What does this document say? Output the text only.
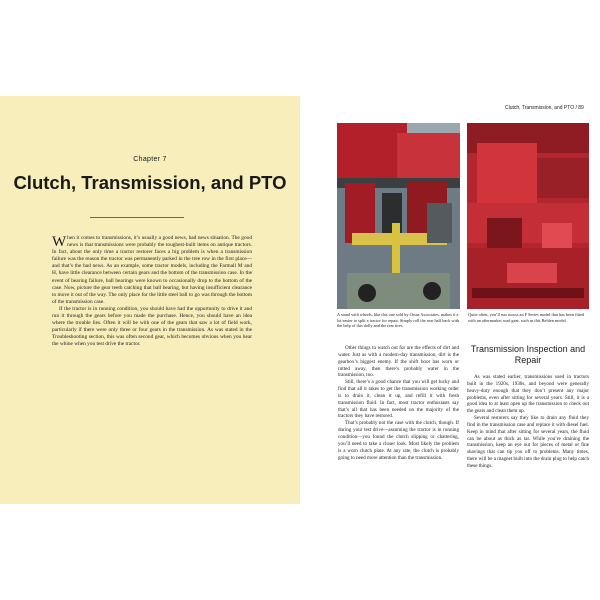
Chapter 7
Clutch, Transmission, and PTO

When it comes to transmissions, it’s usually a good news, bad news situation. The good news is that transmissions were probably the toughest-built items on antique tractors. In fact, about the only time a tractor restorer faces a big problem is when a transmission failure was the reason the tractor was permanently parked in the tree row in the first place—and that’s the bad news. As an example, some tractor models, including the Farmall M and H, have little clearance between certain gears and the bottom of the transmission case. In the event of bearing failure, ball bearings were known to occasionally drop to the bottom of the case. Now, picture the gear teeth catching that ball bearing, but having insufficient clearance to move it out of the way. The only place for the little steel ball to go was through the bottom of the transmission case.

If the tractor is in running condition, you should have had the opportunity to drive it and run it through the gears before you made the purchase. Hence, you should have an idea where the trouble lies. Often it will be with one of the gears that saw a lot of field work, particularly if there were only three or four gears in the transmission. As was stated in the Troubleshooting section, this was often second gear, which becomes obvious when you hear the whine when you test drive the tractor.

Clutch, Transmission, and PTO / 89
A stand with wheels, like this one sold by Orsaz Associates, makes it a lot easier to split a tractor for repair. Simply roll the rear half back with the help of this dolly and the rear tires.
Quite often, you’ll run across an F Series model that has been fitted with an aftermarket road gear, such as this Behlen model.

Other things to watch out for are the effects of dirt and water. Just as with a modern-day transmission, dirt is the gearbox’s biggest enemy. If the shift boot has worn or rotted away, then there’s probably water in the transmission, too.

Still, there’s a good chance that you will get lucky and find that all it takes to get the transmission working order is to drain it, clean it up, and refill it with fresh transmission fluid. In fact, most tractor enthusiasts say that’s all that has been needed on the majority of the tractors they have restored.

That’s probably not the case with the clutch, though. If during your test drive—assuming the tractor is in running condition—you found the clutch slipping or chattering, you’ll need to take a closer look. Most likely the problem is a worn clutch plate. At any rate, the clutch is probably going to need more attention than the transmission.

Transmission Inspection and Repair

As was stated earlier, transmissions used in tractors built in the 1920s, 1930s, and beyond were generally heavy-duty enough that they don’t present any major problems, even after sitting for several years. Still, it is a good idea to at least open up the transmission to check out the gears and clean them up.

Several restorers say they like to drain any fluid they find in the transmission case and replace it with diesel fuel. Keep in mind that after sitting for several years, the fluid can be about as thick as tar. While you’re draining the transmission, keep an eye out for pieces of metal or fine shavings that can tip you off to problems. Many times, there will be a magnet built into the drain plug to help catch these things.
